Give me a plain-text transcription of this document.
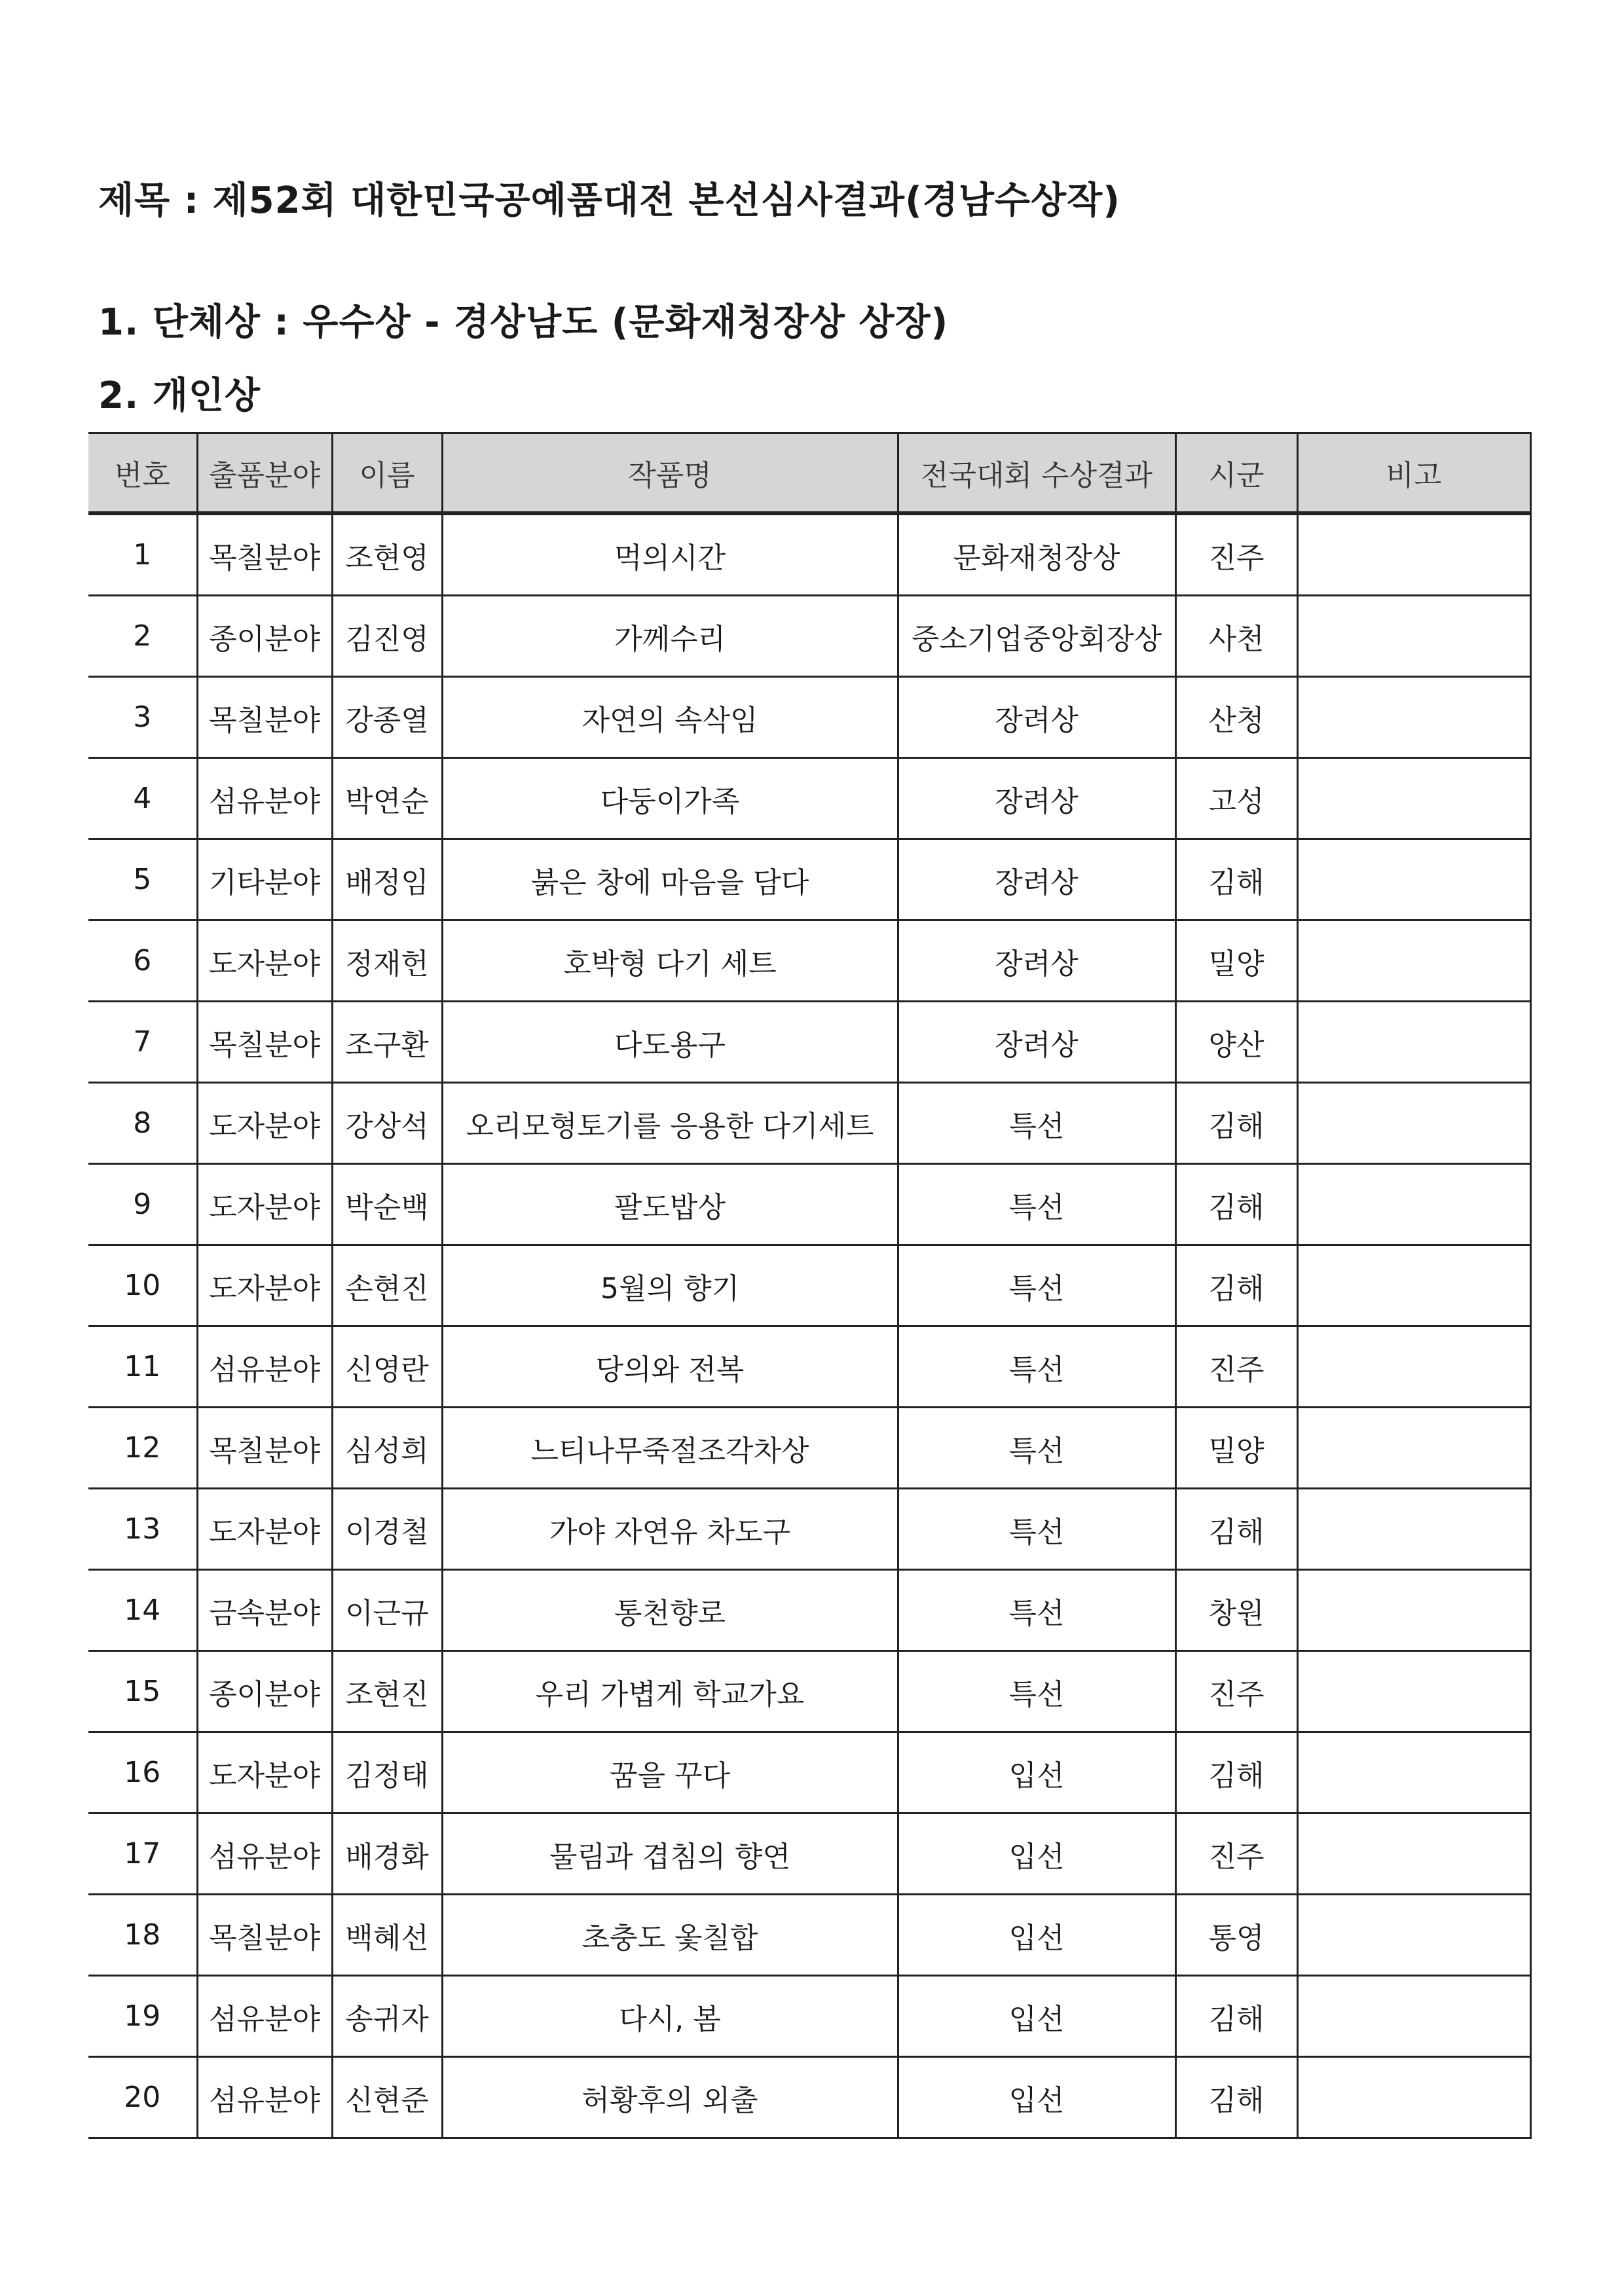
제목 : 제52회 대한민국공예품대전 본선심사결과(경남수상작)
1. 단체상 : 우수상 - 경상남도 (문화재청장상 상장)
2. 개인상
번호	출품분야	이름	작품명	전국대회 수상결과	시군	비고
1	목칠분야	조현영	먹의시간	문화재청장상	진주	
2	종이분야	김진영	가께수리	중소기업중앙회장상	사천	
3	목칠분야	강종열	자연의 속삭임	장려상	산청	
4	섬유분야	박연순	다둥이가족	장려상	고성	
5	기타분야	배정임	붉은 창에 마음을 담다	장려상	김해	
6	도자분야	정재헌	호박형 다기 세트	장려상	밀양	
7	목칠분야	조구환	다도용구	장려상	양산	
8	도자분야	강상석	오리모형토기를 응용한 다기세트	특선	김해	
9	도자분야	박순백	팔도밥상	특선	김해	
10	도자분야	손현진	5월의 향기	특선	김해	
11	섬유분야	신영란	당의와 전복	특선	진주	
12	목칠분야	심성희	느티나무죽절조각차상	특선	밀양	
13	도자분야	이경철	가야 자연유 차도구	특선	김해	
14	금속분야	이근규	통천향로	특선	창원	
15	종이분야	조현진	우리 가볍게 학교가요	특선	진주	
16	도자분야	김정태	꿈을 꾸다	입선	김해	
17	섬유분야	배경화	물림과 겹침의 향연	입선	진주	
18	목칠분야	백혜선	초충도 옻칠합	입선	통영	
19	섬유분야	송귀자	다시, 봄	입선	김해	
20	섬유분야	신현준	허황후의 외출	입선	김해	
